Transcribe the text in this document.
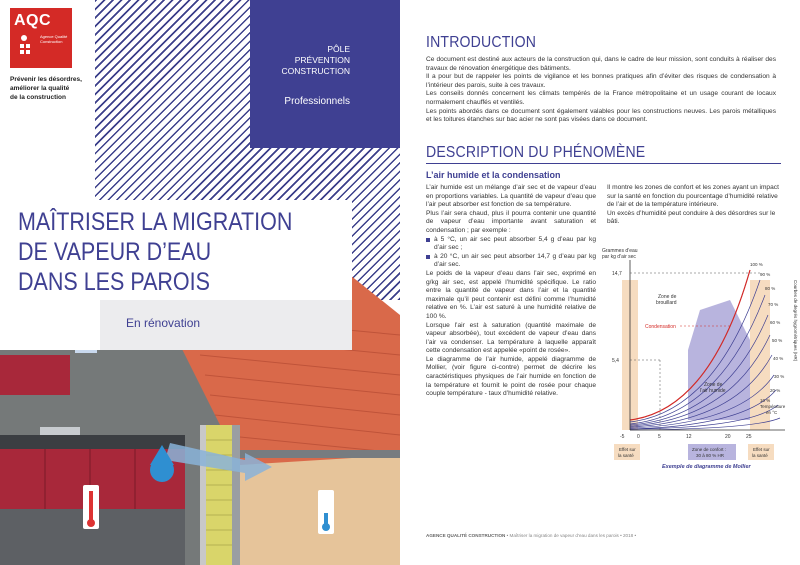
AQC
Agence Qualité Construction
Prévenir les désordres,
améliorer la qualité
de la construction
PÔLE
PRÉVENTION
CONSTRUCTION
Professionnels
MAÎTRISER LA MIGRATION
DE VAPEUR D’EAU
DANS LES PAROIS
En rénovation
INTRODUCTION

Ce document est destiné aux acteurs de la construction qui, dans le cadre de leur mission, sont conduits à réaliser des travaux de rénovation énergétique des bâtiments.

Il a pour but de rappeler les points de vigilance et les bonnes pratiques afin d’éviter des risques de condensation à l’intérieur des parois, suite à ces travaux.

Les conseils donnés concernent les climats tempérés de la France métropolitaine et un usage courant de locaux normalement chauffés et ventilés.

Les points abordés dans ce document sont également valables pour les constructions neuves. Les parois métalliques et les toitures étanches sur bac acier ne sont pas visées dans ce document.

DESCRIPTION DU PHÉNOMÈNE
L’air humide et la condensation

L’air humide est un mélange d’air sec et de vapeur d’eau en proportions variables. La quantité de vapeur d’eau que l’air peut absorber est fonction de sa température.

Plus l’air sera chaud, plus il pourra contenir une quantité de vapeur d’eau importante avant saturation et condensation ; par exemple :

à 5 °C, un air sec peut absorber 5,4 g d’eau par kg d’air sec ;
à 20 °C, un air sec peut absorber 14,7 g d’eau par kg d’air sec.

Le poids de la vapeur d’eau dans l’air sec, exprimé en g/kg air sec, est appelé l’humidité spécifique. Le ratio entre la quantité de vapeur dans l’air et la quantité maximale qu’il peut contenir est défini comme l’humidité relative en %. L’air est saturé à une humidité relative de 100 %.

Lorsque l’air est à saturation (quantité maximale de vapeur absorbée), tout excédent de vapeur d’eau dans l’air va condenser. La température à laquelle apparaît cette condensation est appelée «point de rosée».

Le diagramme de l’air humide, appelé diagramme de Mollier, (voir figure ci-contre) permet de décrire les caractéristiques physiques de l’air humide en fonction de la température et fournit le point de rosée pour chaque couple température - taux d’humidité relative.

Il montre les zones de confort et les zones ayant un impact sur la santé en fonction du pourcentage d’humidité relative de l’air et de la température intérieure.

Un excès d’humidité peut conduire à des désordres sur le bâti.

Grammes d’eau
par kg d’air sec
14,7
5,4
-5	0	5	12	20	25
Température
en °C
Zone de
brouillard
Condensation
Zone de
l’air humide
100 %
90 %
80 %
70 %
60 %
50 %
40 %
30 %
20 %
10 %
Courbes de degrés hygrométriques (HR)
Effet sur
la santé
Zone de confort :
30 à 80 % HR
Effet sur
la santé
Exemple de diagramme de Mollier
AGENCE QUALITÉ CONSTRUCTION • Maîtriser la migration de vapeur d’eau dans les parois • 2018 •
